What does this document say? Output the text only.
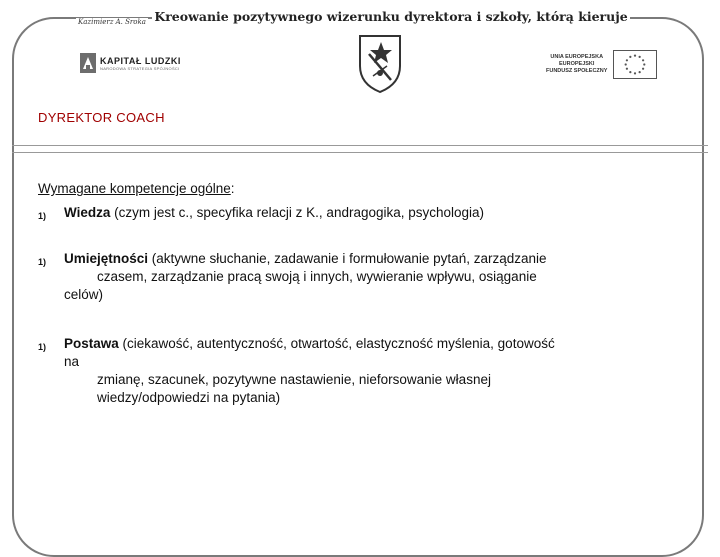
Kazimierz A. Sroka $^{Kreowanie pozytywnego wizerunku dyrektora i szkoły, którą kieruje}$
KAPITAŁ LUDZKI
NARODOWA STRATEGIA SPÓJNOŚCI
UNIA EUROPEJSKA
EUROPEJSKI
FUNDUSZ SPOŁECZNY
DYREKTOR COACH
Wymagane kompetencje ogólne:
1) Wiedza (czym jest c., specyfika relacji z K., andragogika, psychologia)
1) Umiejętności (aktywne słuchanie, zadawanie i formułowanie pytań, zarządzanie
czasem, zarządzanie pracą swoją i innych, wywieranie wpływu, osiąganie
celów)
1) Postawa (ciekawość, autentyczność, otwartość, elastyczność myślenia, gotowość
na
zmianę, szacunek, pozytywne nastawienie, nieforsowanie własnej
wiedzy/odpowiedzi na pytania)
